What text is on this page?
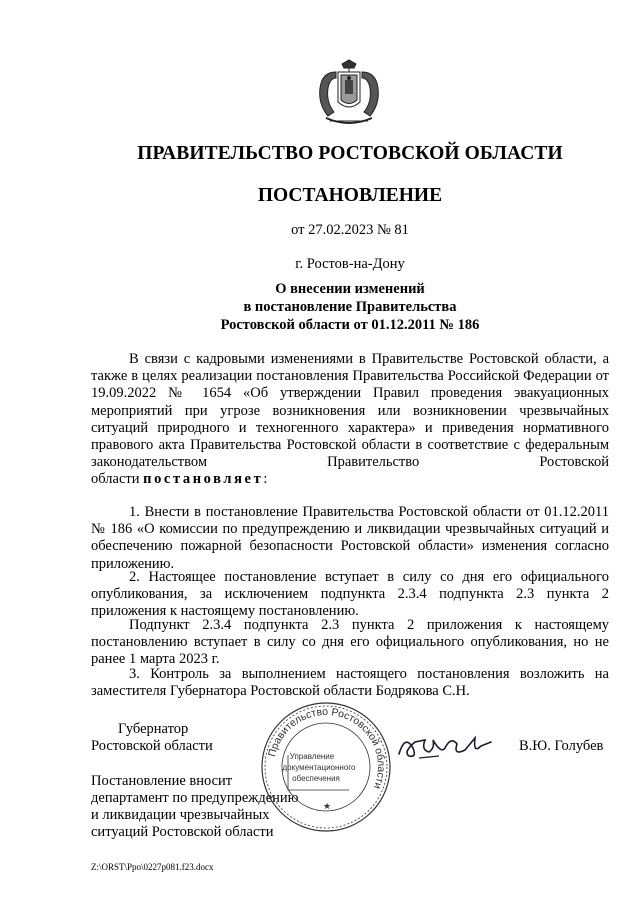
ПРАВИТЕЛЬСТВО РОСТОВСКОЙ ОБЛАСТИ
ПОСТАНОВЛЕНИЕ
от 27.02.2023 № 81
г. Ростов-на-Дону
О внесении изменений
в постановление Правительства
Ростовской области от 01.12.2011 № 186
В связи с кадровыми изменениями в Правительстве Ростовской области, а также в целях реализации постановления Правительства Российской Федерации от 19.09.2022 № 1654 «Об утверждении Правил проведения эвакуационных мероприятий при угрозе возникновения или возникновении чрезвычайных ситуаций природного и техногенного характера» и приведения нормативного правового акта Правительства Ростовской области в соответствие с федеральным законодательством Правительство Ростовской
области постановляет:
1. Внести в постановление Правительства Ростовской области от 01.12.2011 № 186 «О комиссии по предупреждению и ликвидации чрезвычайных ситуаций и обеспечению пожарной безопасности Ростовской области» изменения согласно приложению.
2. Настоящее постановление вступает в силу со дня его официального опубликования, за исключением подпункта 2.3.4 подпункта 2.3 пункта 2 приложения к настоящему постановлению.
Подпункт 2.3.4 подпункта 2.3 пункта 2 приложения к настоящему постановлению вступает в силу со дня его официального опубликования, но не ранее 1 марта 2023 г.
3. Контроль за выполнением настоящего постановления возложить на заместителя Губернатора Ростовской области Бодрякова С.Н.
Губернатор
Ростовской области	В.Ю. Голубев
Постановление вносит
департамент по предупреждению
и ликвидации чрезвычайных
ситуаций Ростовской области
Правительство Ростовской области
Управление
документационного
обеспечения
★
Z:\ORST\Ppo\0227p081.f23.docx
